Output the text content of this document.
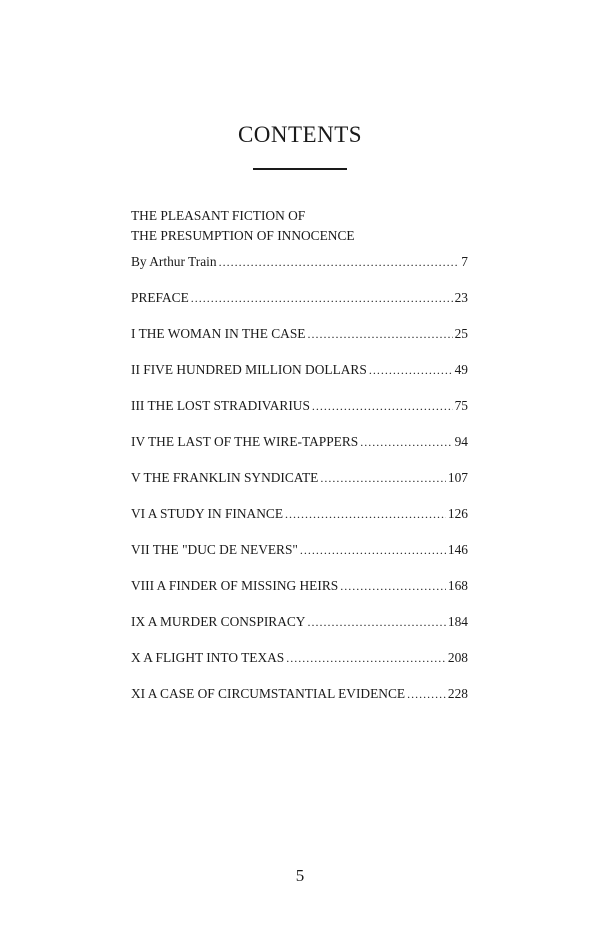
CONTENTS
THE PLEASANT FICTION OF
THE PRESUMPTION OF INNOCENCE
By Arthur Train . . .	7
PREFACE . . .	23
I THE WOMAN IN THE CASE . . .	25
II FIVE HUNDRED MILLION DOLLARS . . .	49
III THE LOST STRADIVARIUS . . .	75
IV THE LAST OF THE WIRE-TAPPERS . . .	94
V THE FRANKLIN SYNDICATE . . .	107
VI A STUDY IN FINANCE . . .	126
VII THE "DUC DE NEVERS" . . .	146
VIII A FINDER OF MISSING HEIRS . . .	168
IX A MURDER CONSPIRACY . . .	184
X A FLIGHT INTO TEXAS . . .	208
XI A CASE OF CIRCUMSTANTIAL EVIDENCE . . .	228
5
